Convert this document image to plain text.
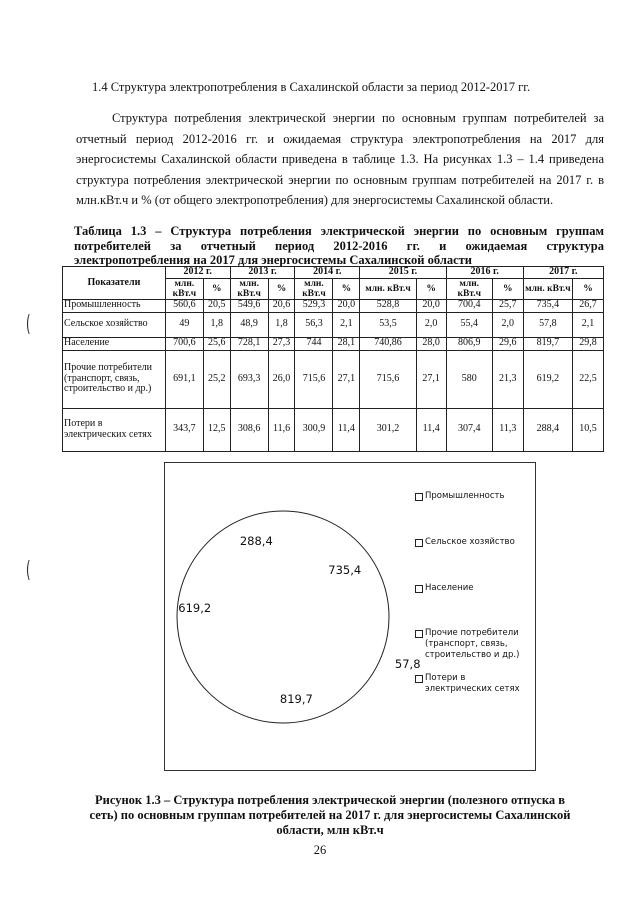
1.4 Структура электропотребления в Сахалинской области за период 2012-2017 гг.

Структура потребления электрической энергии по основным группам потребителей за отчетный период 2012-2016 гг. и ожидаемая структура электропотребления на 2017 для энергосистемы Сахалинской области приведена в таблице 1.3. На рисунках 1.3 – 1.4 приведена структура потребления электрической энергии по основным группам потребителей на 2017 г. в млн.кВт.ч и % (от общего электропотребления) для энергосистемы Сахалинской области.

Таблица 1.3 – Структура потребления электрической энергии по основным группам
потребителей за отчетный период 2012-2016 гг. и ожидаемая структура
электропотребления на 2017 для энергосистемы Сахалинской области
Показатели	2012 г.		2013 г.		2014 г.		2015 г.		2016 г.		2017 г.	
	млн. кВт.ч	%	млн. кВт.ч	%	млн. кВт.ч	%	млн. кВт.ч	%	млн. кВт.ч	%	млн. кВт.ч	%
Промышленность	560,6	20,5	549,6	20,6	529,3	20,0	528,8	20,0	700,4	25,7	735,4	26,7
Сельское хозяйство	49	1,8	48,9	1,8	56,3	2,1	53,5	2,0	55,4	2,0	57,8	2,1
Население	700,6	25,6	728,1	27,3	744	28,1	740,86	28,0	806,9	29,6	819,7	29,8
Прочие потребители (транспорт, связь, строительство и др.)	691,1	25,2	693,3	26,0	715,6	27,1	715,6	27,1	580	21,3	619,2	22,5
Потери в электрических сетях	343,7	12,5	308,6	11,6	300,9	11,4	301,2	11,4	307,4	11,3	288,4	10,5
(
(	735,4
57,8
819,7
619,2
288,4
Промышленность
Сельское хозяйство
Население
Прочие потребители (транспорт, связь, строительство и др.)
Потери в электрических сетях
Рисунок 1.3 – Структура потребления электрической энергии (полезного отпуска в сеть) по основным группам потребителей на 2017 г. для энергосистемы Сахалинской области, млн кВт.ч
26
